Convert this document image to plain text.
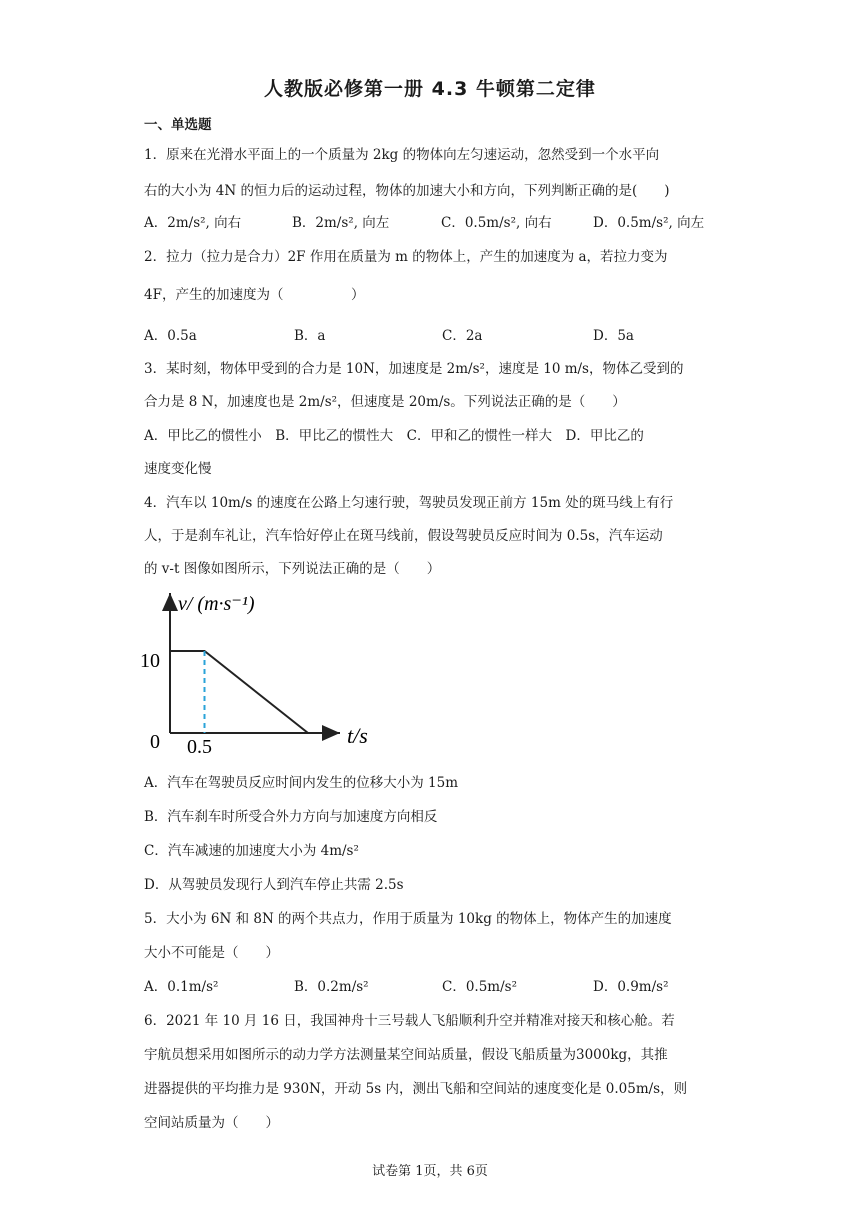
人教版必修第一册 4.3 牛顿第二定律
一、单选题
1．原来在光滑水平面上的一个质量为 2kg 的物体向左匀速运动，忽然受到一个水平向
右的大小为 4N 的恒力后的运动过程，物体的加速大小和方向，下列判断正确的是(　　)
A．2m/s², 向右	B．2m/s², 向左	C．0.5m/s², 向右	D．0.5m/s², 向左
2．拉力（拉力是合力）2F 作用在质量为 m 的物体上，产生的加速度为 a，若拉力变为
4F，产生的加速度为（　　　　　）
A．0.5a	B．a	C．2a	D．5a
3．某时刻，物体甲受到的合力是 10N，加速度是 2m/s²，速度是 10 m/s，物体乙受到的
合力是 8 N，加速度也是 2m/s²，但速度是 20m/s。下列说法正确的是（　　）
A．甲比乙的惯性小　B．甲比乙的惯性大　C．甲和乙的惯性一样大　D．甲比乙的
速度变化慢
4．汽车以 10m/s 的速度在公路上匀速行驶，驾驶员发现正前方 15m 处的斑马线上有行
人，于是刹车礼让，汽车恰好停止在斑马线前，假设驾驶员反应时间为 0.5s，汽车运动
的 v-t 图像如图所示，下列说法正确的是（　　）
v/ (m·s⁻¹)
t/s
10
0 0.5
A．汽车在驾驶员反应时间内发生的位移大小为 15m
B．汽车刹车时所受合外力方向与加速度方向相反
C．汽车减速的加速度大小为 4m/s²
D．从驾驶员发现行人到汽车停止共需 2.5s
5．大小为 6N 和 8N 的两个共点力，作用于质量为 10kg 的物体上，物体产生的加速度
大小不可能是（　　）
A．0.1m/s²	B．0.2m/s²	C．0.5m/s²	D．0.9m/s²
6．2021 年 10 月 16 日，我国神舟十三号载人飞船顺利升空并精准对接天和核心舱。若
宇航员想采用如图所示的动力学方法测量某空间站质量，假设飞船质量为3000kg，其推
进器提供的平均推力是 930N，开动 5s 内，测出飞船和空间站的速度变化是 0.05m/s，则
空间站质量为（　　）
试卷第 1页，共 6页
